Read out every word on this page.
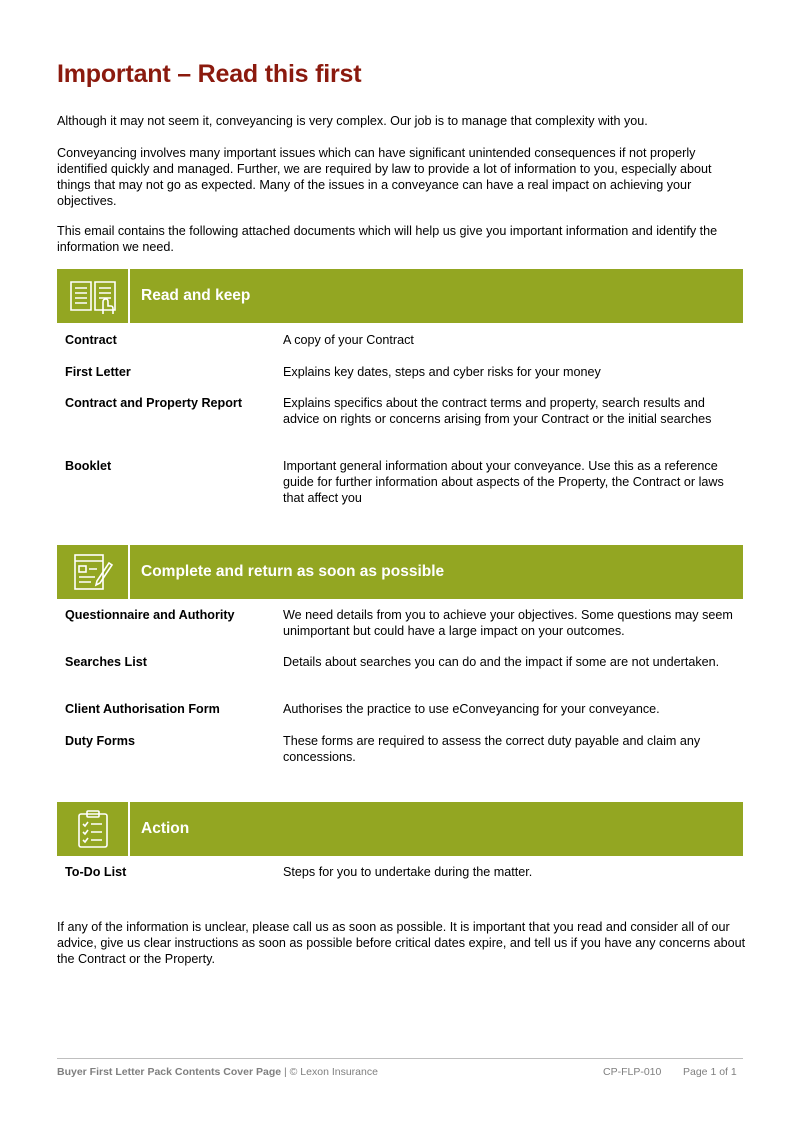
Important – Read this first

Although it may not seem it, conveyancing is very complex. Our job is to manage that complexity with you.

Conveyancing involves many important issues which can have significant unintended consequences if not properly identified quickly and managed. Further, we are required by law to provide a lot of information to you, especially about things that may not go as expected. Many of the issues in a conveyance can have a real impact on achieving your objectives.

This email contains the following attached documents which will help us give you important information and identify the information we need.

Read and keep
Contract	A copy of your Contract
First Letter	Explains key dates, steps and cyber risks for your money
Contract and Property Report	Explains specifics about the contract terms and property, search results and advice on rights or concerns arising from your Contract or the initial searches
Booklet	Important general information about your conveyance. Use this as a reference guide for further information about aspects of the Property, the Contract or laws that affect you
Complete and return as soon as possible
Questionnaire and Authority	We need details from you to achieve your objectives. Some questions may seem unimportant but could have a large impact on your outcomes.
Searches List	Details about searches you can do and the impact if some are not undertaken.
Client Authorisation Form	Authorises the practice to use eConveyancing for your conveyance.
Duty Forms	These forms are required to assess the correct duty payable and claim any concessions.
Action
To-Do List	Steps for you to undertake during the matter.

If any of the information is unclear, please call us as soon as possible. It is important that you read and consider all of our advice, give us clear instructions as soon as possible before critical dates expire, and tell us if you have any concerns about the Contract or the Property.

Buyer First Letter Pack Contents Cover Page | © Lexon Insurance	CP-FLP-010 Page 1 of 1
